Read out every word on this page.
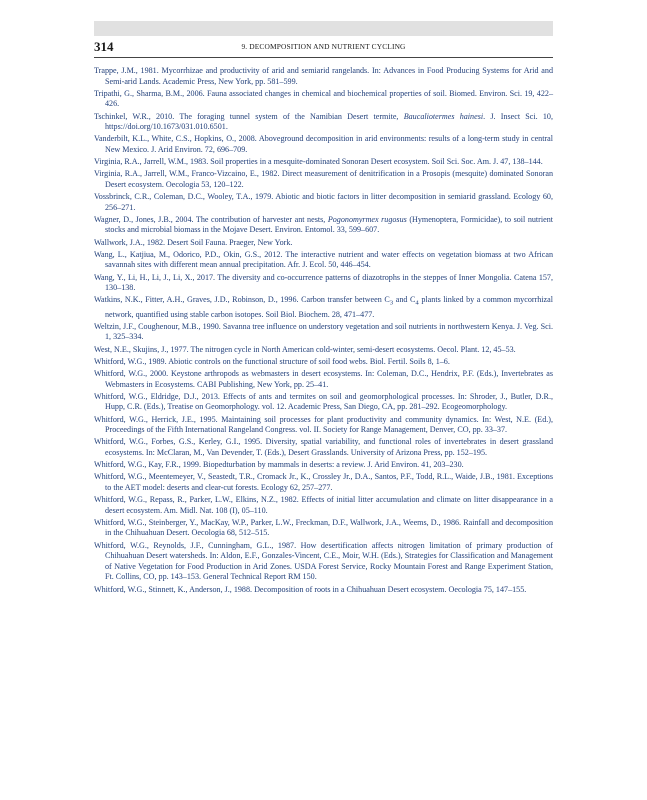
314	9. DECOMPOSITION AND NUTRIENT CYCLING

Trappe, J.M., 1981. Mycorrhizae and productivity of arid and semiarid rangelands. In: Advances in Food Producing Systems for Arid and Semi-arid Lands. Academic Press, New York, pp. 581–599.

Tripathi, G., Sharma, B.M., 2006. Fauna associated changes in chemical and biochemical properties of soil. Biomed. Environ. Sci. 19, 422–426.

Tschinkel, W.R., 2010. The foraging tunnel system of the Namibian Desert termite, Baucaliotermes hainesi. J. Insect Sci. 10, https://doi.org/10.1673/031.010.6501.

Vanderbilt, K.L., White, C.S., Hopkins, O., 2008. Aboveground decomposition in arid environments: results of a long-term study in central New Mexico. J. Arid Environ. 72, 696–709.

Virginia, R.A., Jarrell, W.M., 1983. Soil properties in a mesquite-dominated Sonoran Desert ecosystem. Soil Sci. Soc. Am. J. 47, 138–144.

Virginia, R.A., Jarrell, W.M., Franco-Vizcaino, E., 1982. Direct measurement of denitrification in a Prosopis (mesquite) dominated Sonoran Desert ecosystem. Oecologia 53, 120–122.

Vossbrinck, C.R., Coleman, D.C., Wooley, T.A., 1979. Abiotic and biotic factors in litter decomposition in semiarid grassland. Ecology 60, 256–271.

Wagner, D., Jones, J.B., 2004. The contribution of harvester ant nests, Pogonomyrmex rugosus (Hymenoptera, Formicidae), to soil nutrient stocks and microbial biomass in the Mojave Desert. Environ. Entomol. 33, 599–607.

Wallwork, J.A., 1982. Desert Soil Fauna. Praeger, New York.

Wang, L., Katjiua, M., Odorico, P.D., Okin, G.S., 2012. The interactive nutrient and water effects on vegetation biomass at two African savannah sites with different mean annual precipitation. Afr. J. Ecol. 50, 446–454.

Wang, Y., Li, H., Li, J., Li, X., 2017. The diversity and co-occurrence patterns of diazotrophs in the steppes of Inner Mongolia. Catena 157, 130–138.

Watkins, N.K., Fitter, A.H., Graves, J.D., Robinson, D., 1996. Carbon transfer between $C_3$ and $C_4$ plants linked by a common mycorrhizal network, quantified using stable carbon isotopes. Soil Biol. Biochem. 28, 471–477.

Weltzin, J.F., Coughenour, M.B., 1990. Savanna tree influence on understory vegetation and soil nutrients in northwestern Kenya. J. Veg. Sci. 1, 325–334.

West, N.E., Skujins, J., 1977. The nitrogen cycle in North American cold-winter, semi-desert ecosystems. Oecol. Plant. 12, 45–53.

Whitford, W.G., 1989. Abiotic controls on the functional structure of soil food webs. Biol. Fertil. Soils 8, 1–6.

Whitford, W.G., 2000. Keystone arthropods as webmasters in desert ecosystems. In: Coleman, D.C., Hendrix, P.F. (Eds.), Invertebrates as Webmasters in Ecosystems. CABI Publishing, New York, pp. 25–41.

Whitford, W.G., Eldridge, D.J., 2013. Effects of ants and termites on soil and geomorphological processes. In: Shroder, J., Butler, D.R., Hupp, C.R. (Eds.), Treatise on Geomorphology. vol. 12. Academic Press, San Diego, CA, pp. 281–292. Ecogeomorphology.

Whitford, W.G., Herrick, J.E., 1995. Maintaining soil processes for plant productivity and community dynamics. In: West, N.E. (Ed.), Proceedings of the Fifth International Rangeland Congress. vol. II. Society for Range Management, Denver, CO, pp. 33–37.

Whitford, W.G., Forbes, G.S., Kerley, G.I., 1995. Diversity, spatial variability, and functional roles of invertebrates in desert grassland ecosystems. In: McClaran, M., Van Devender, T. (Eds.), Desert Grasslands. University of Arizona Press, pp. 152–195.

Whitford, W.G., Kay, F.R., 1999. Biopedturbation by mammals in deserts: a review. J. Arid Environ. 41, 203–230.

Whitford, W.G., Meentemeyer, V., Seastedt, T.R., Cromack Jr., K., Crossley Jr., D.A., Santos, P.F., Todd, R.L., Waide, J.B., 1981. Exceptions to the AET model: deserts and clear-cut forests. Ecology 62, 257–277.

Whitford, W.G., Repass, R., Parker, L.W., Elkins, N.Z., 1982. Effects of initial litter accumulation and climate on litter disappearance in a desert ecosystem. Am. Midl. Nat. 108 (I), 05–110.

Whitford, W.G., Steinberger, Y., MacKay, W.P., Parker, L.W., Freckman, D.F., Wallwork, J.A., Weems, D., 1986. Rainfall and decomposition in the Chihuahuan Desert. Oecologia 68, 512–515.

Whitford, W.G., Reynolds, J.F., Cunningham, G.L., 1987. How desertification affects nitrogen limitation of primary production of Chihuahuan Desert watersheds. In: Aldon, E.F., Gonzales-Vincent, C.E., Moir, W.H. (Eds.), Strategies for Classification and Management of Native Vegetation for Food Production in Arid Zones. USDA Forest Service, Rocky Mountain Forest and Range Experiment Station, Ft. Collins, CO, pp. 143–153. General Technical Report RM 150.

Whitford, W.G., Stinnett, K., Anderson, J., 1988. Decomposition of roots in a Chihuahuan Desert ecosystem. Oecologia 75, 147–155.
